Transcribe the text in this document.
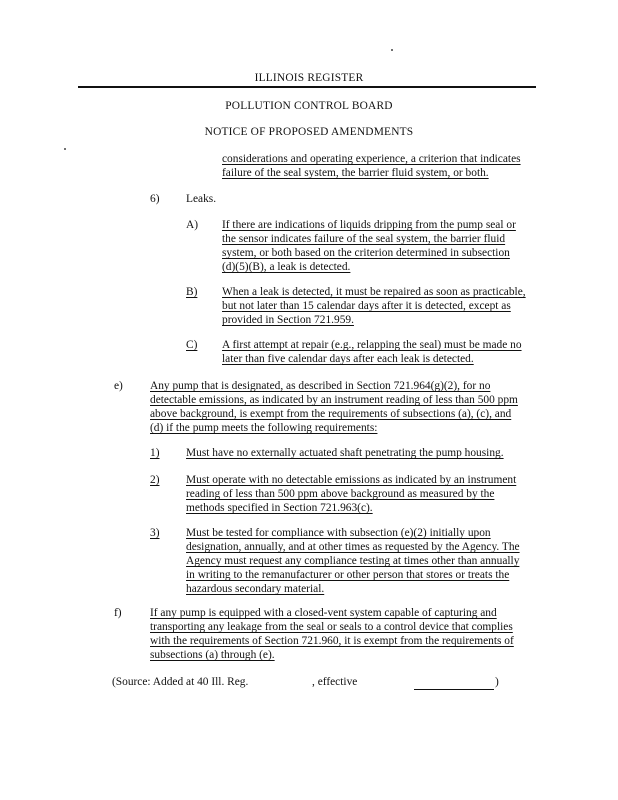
ILLINOIS REGISTER
POLLUTION CONTROL BOARD
NOTICE OF PROPOSED AMENDMENTS
considerations and operating experience, a criterion that indicates
failure of the seal system, the barrier fluid system, or both.
6) Leaks.
A) If there are indications of liquids dripping from the pump seal or
the sensor indicates failure of the seal system, the barrier fluid
system, or both based on the criterion determined in subsection
(d)(5)(B), a leak is detected.
B) When a leak is detected, it must be repaired as soon as practicable,
but not later than 15 calendar days after it is detected, except as
provided in Section 721.959.
C) A first attempt at repair (e.g., relapping the seal) must be made no
later than five calendar days after each leak is detected.
e) Any pump that is designated, as described in Section 721.964(g)(2), for no
detectable emissions, as indicated by an instrument reading of less than 500 ppm
above background, is exempt from the requirements of subsections (a), (c), and
(d) if the pump meets the following requirements:
1) Must have no externally actuated shaft penetrating the pump housing.
2) Must operate with no detectable emissions as indicated by an instrument
reading of less than 500 ppm above background as measured by the
methods specified in Section 721.963(c).
3) Must be tested for compliance with subsection (e)(2) initially upon
designation, annually, and at other times as requested by the Agency. The
Agency must request any compliance testing at times other than annually
in writing to the remanufacturer or other person that stores or treats the
hazardous secondary material.
f) If any pump is equipped with a closed-vent system capable of capturing and
transporting any leakage from the seal or seals to a control device that complies
with the requirements of Section 721.960, it is exempt from the requirements of
subsections (a) through (e).
(Source: Added at 40 Ill. Reg.	, effective	)
